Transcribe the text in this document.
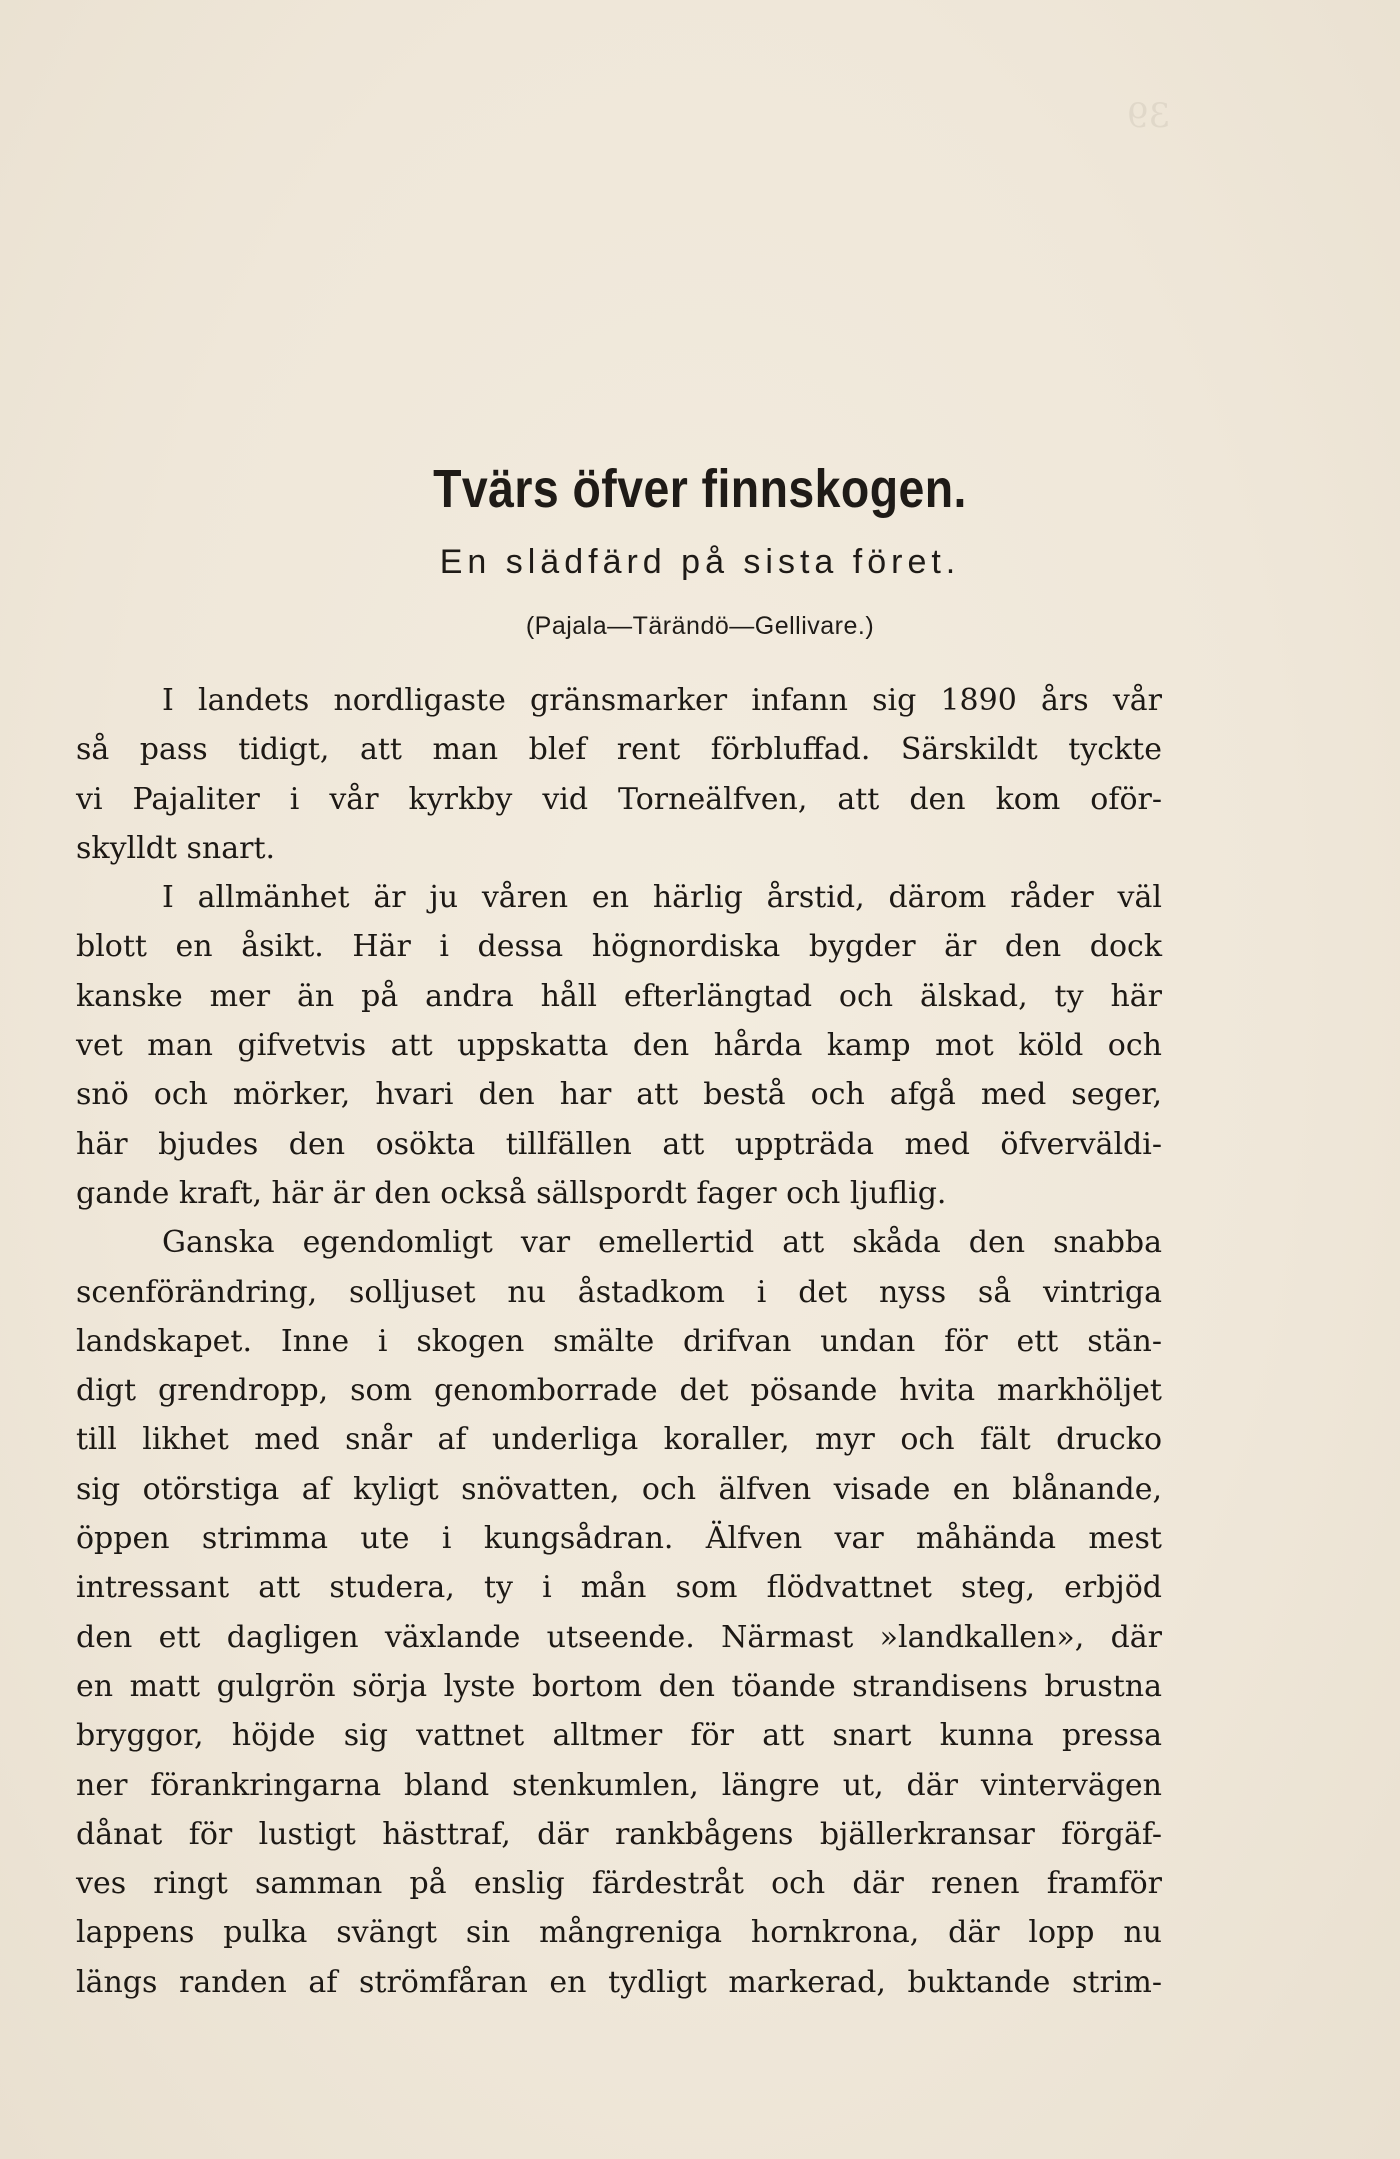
39
Tvärs öfver finnskogen.
En slädfärd på sista föret.
(Pajala—Tärändö—Gellivare.)
I landets nordligaste gränsmarker infann sig 1890 års vår
så pass tidigt, att man blef rent förbluffad. Särskildt tyckte
vi Pajaliter i vår kyrkby vid Torneälfven, att den kom oför-
skylldt snart.
I allmänhet är ju våren en härlig årstid, därom råder väl
blott en åsikt. Här i dessa högnordiska bygder är den dock
kanske mer än på andra håll efterlängtad och älskad, ty här
vet man gifvetvis att uppskatta den hårda kamp mot köld och
snö och mörker, hvari den har att bestå och afgå med seger,
här bjudes den osökta tillfällen att uppträda med öfverväldi-
gande kraft, här är den också sällspordt fager och ljuflig.
Ganska egendomligt var emellertid att skåda den snabba
scenförändring, solljuset nu åstadkom i det nyss så vintriga
landskapet. Inne i skogen smälte drifvan undan för ett stän-
digt grendropp, som genomborrade det pösande hvita markhöljet
till likhet med snår af underliga koraller, myr och fält drucko
sig otörstiga af kyligt snövatten, och älfven visade en blånande,
öppen strimma ute i kungsådran. Älfven var måhända mest
intressant att studera, ty i mån som flödvattnet steg, erbjöd
den ett dagligen växlande utseende. Närmast »landkallen», där
en matt gulgrön sörja lyste bortom den töande strandisens brustna
bryggor, höjde sig vattnet alltmer för att snart kunna pressa
ner förankringarna bland stenkumlen, längre ut, där vintervägen
dånat för lustigt hästtraf, där rankbågens bjällerkransar förgäf-
ves ringt samman på enslig färdestråt och där renen framför
lappens pulka svängt sin mångreniga hornkrona, där lopp nu
längs randen af strömfåran en tydligt markerad, buktande strim-
